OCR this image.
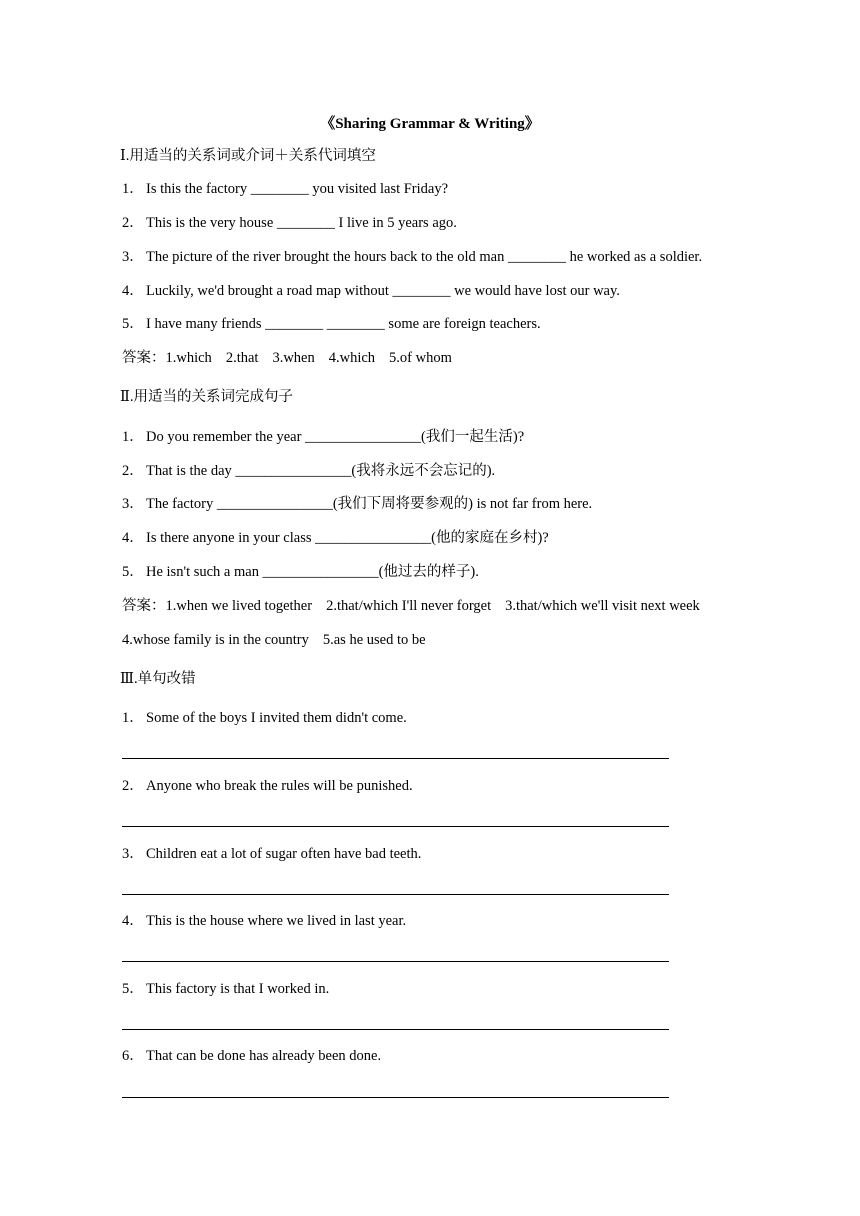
《Sharing Grammar & Writing》
Ⅰ.用适当的关系词或介词＋关系代词填空
1． Is this the factory ________ you visited last Friday?
2． This is the very house ________ I live in 5 years ago.
3． The picture of the river brought the hours back to the old man ________ he worked as a soldier.
4． Luckily, we'd brought a road map without ________ we would have lost our way.
5． I have many friends ________ ________ some are foreign teachers.
答案：1.which 2.that 3.when 4.which 5.of whom
Ⅱ.用适当的关系词完成句子
1． Do you remember the year ________________(我们一起生活)?
2． That is the day ________________(我将永远不会忘记的).
3． The factory ________________(我们下周将要参观的) is not far from here.
4． Is there anyone in your class ________________(他的家庭在乡村)?
5． He isn't such a man ________________(他过去的样子).
答案：1.when we lived together 2.that/which I'll never forget 3.that/which we'll visit next week
4.whose family is in the country 5.as he used to be
Ⅲ.单句改错
1． Some of the boys I invited them didn't come.
2． Anyone who break the rules will be punished.
3． Children eat a lot of sugar often have bad teeth.
4． This is the house where we lived in last year.
5． This factory is that I worked in.
6． That can be done has already been done.
